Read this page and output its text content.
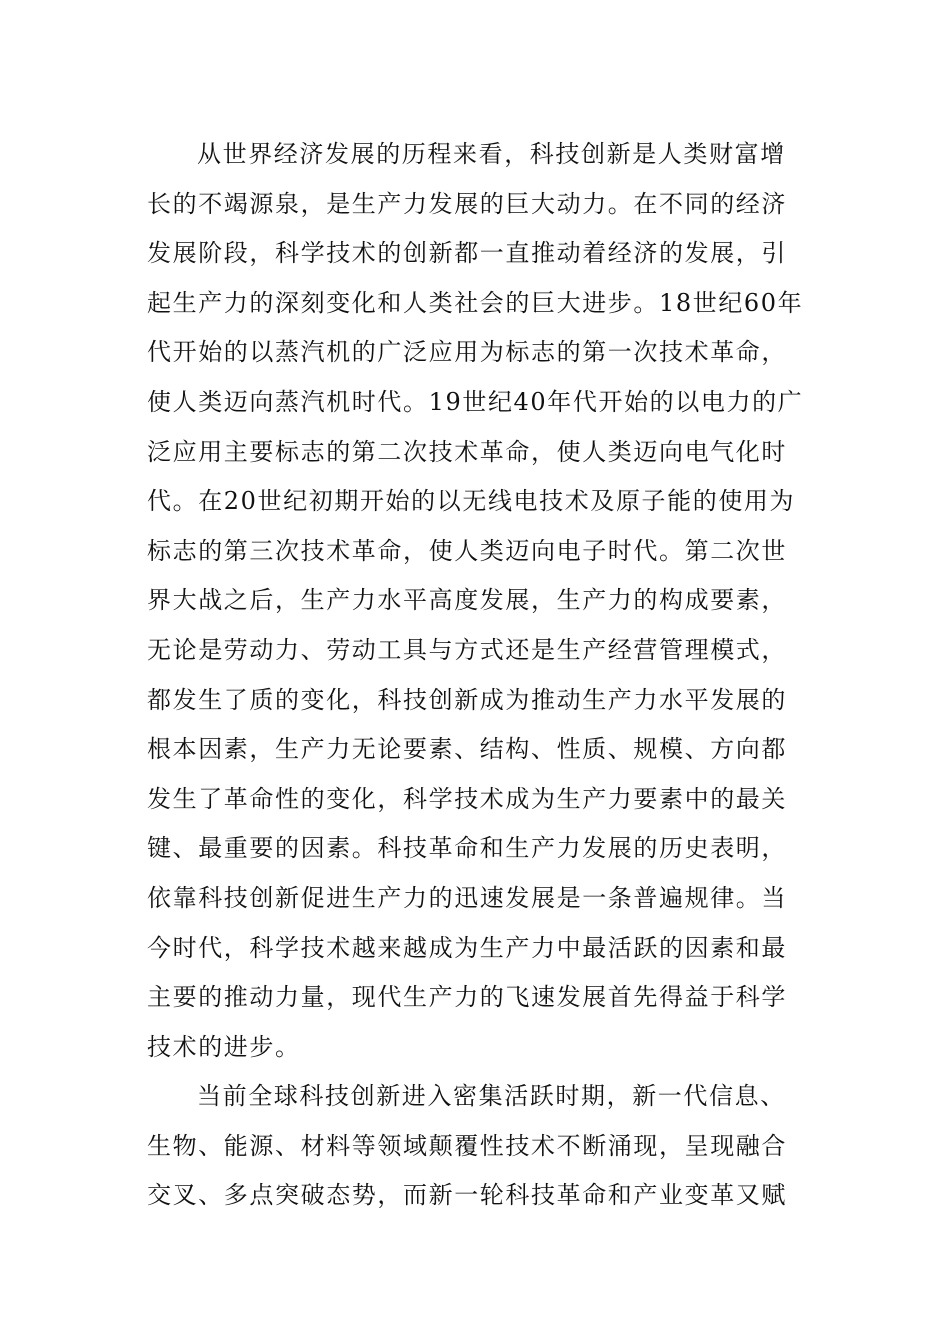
从世界经济发展的历程来看，科技创新是人类财富增
长的不竭源泉，是生产力发展的巨大动力。在不同的经济
发展阶段，科学技术的创新都一直推动着经济的发展，引
起生产力的深刻变化和人类社会的巨大进步。18世纪60年
代开始的以蒸汽机的广泛应用为标志的第一次技术革命，
使人类迈向蒸汽机时代。19世纪40年代开始的以电力的广
泛应用主要标志的第二次技术革命，使人类迈向电气化时
代。在20世纪初期开始的以无线电技术及原子能的使用为
标志的第三次技术革命，使人类迈向电子时代。第二次世
界大战之后，生产力水平高度发展，生产力的构成要素，
无论是劳动力、劳动工具与方式还是生产经营管理模式，
都发生了质的变化，科技创新成为推动生产力水平发展的
根本因素，生产力无论要素、结构、性质、规模、方向都
发生了革命性的变化，科学技术成为生产力要素中的最关
键、最重要的因素。科技革命和生产力发展的历史表明，
依靠科技创新促进生产力的迅速发展是一条普遍规律。当
今时代，科学技术越来越成为生产力中最活跃的因素和最
主要的推动力量，现代生产力的飞速发展首先得益于科学
技术的进步。
当前全球科技创新进入密集活跃时期，新一代信息、
生物、能源、材料等领域颠覆性技术不断涌现，呈现融合
交叉、多点突破态势，而新一轮科技革命和产业变革又赋
